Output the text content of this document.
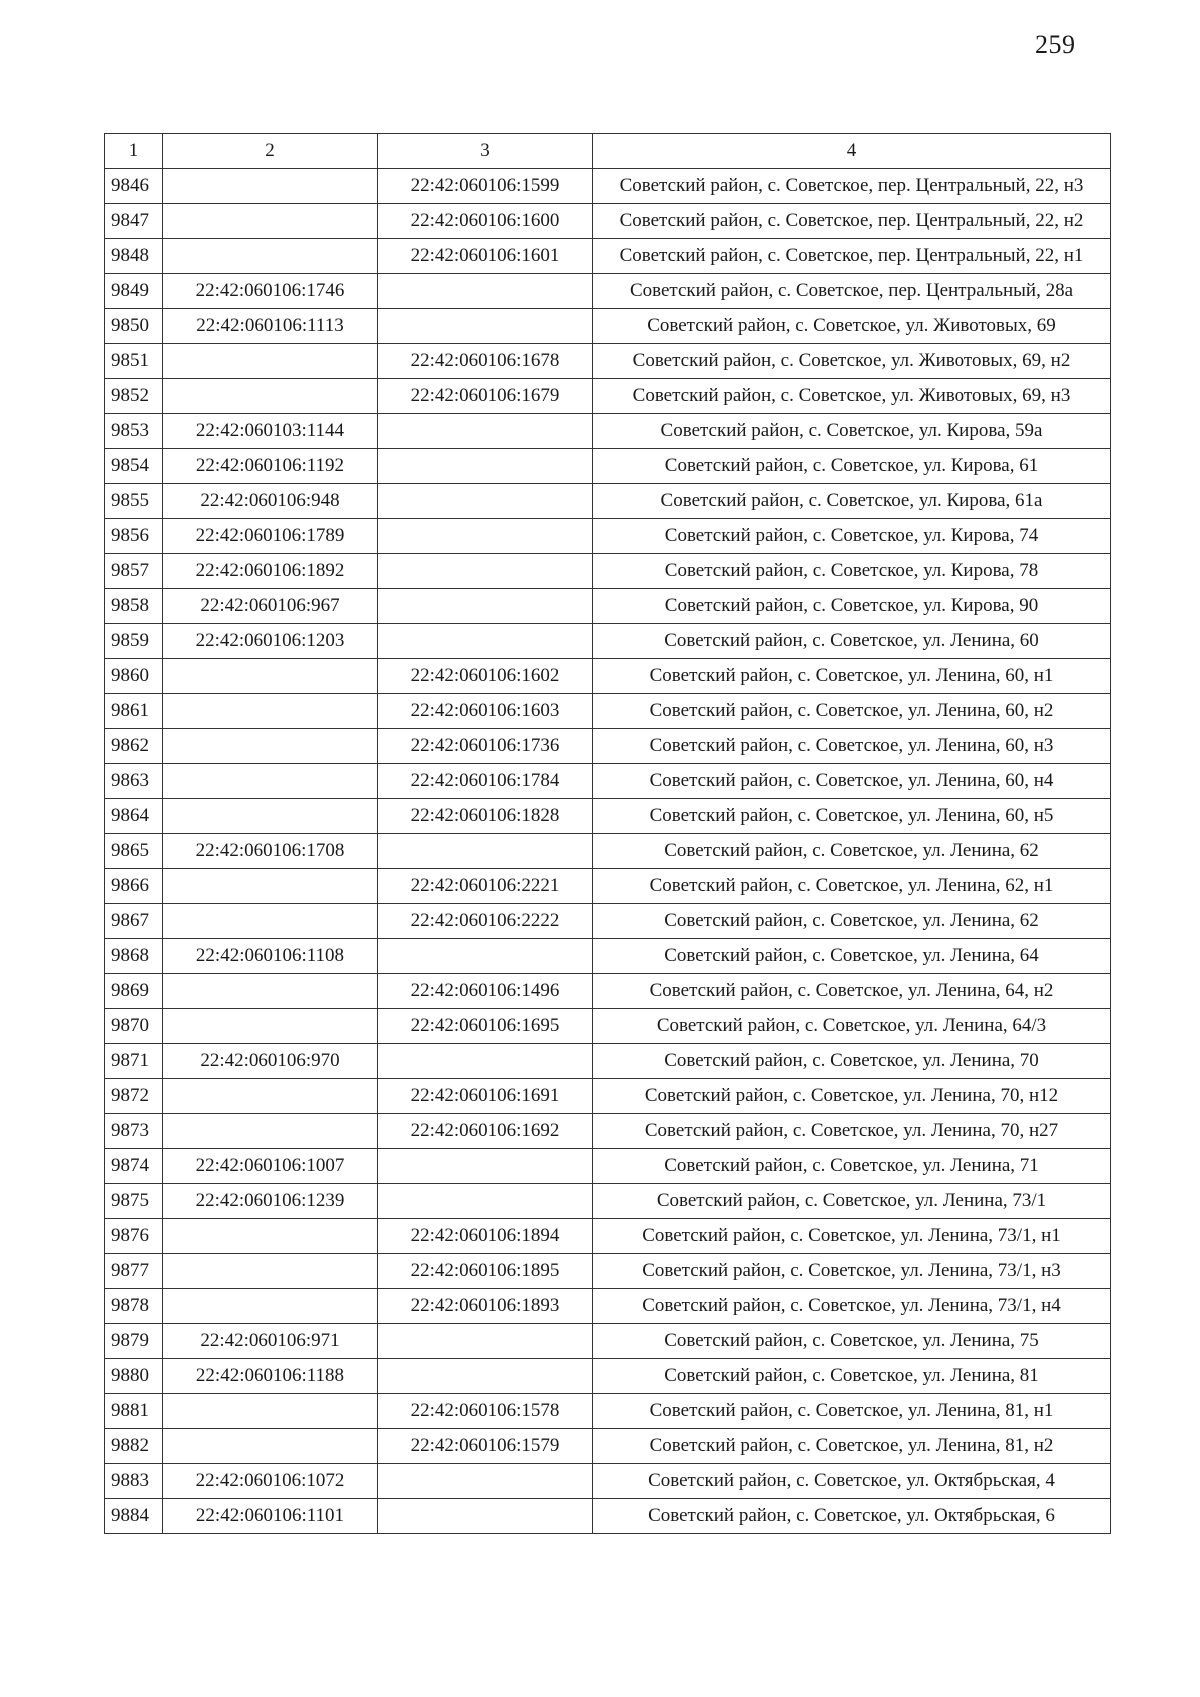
259
1	2	3	4
9846		22:42:060106:1599	Советский район, с. Советское, пер. Центральный, 22, н3
9847		22:42:060106:1600	Советский район, с. Советское, пер. Центральный, 22, н2
9848		22:42:060106:1601	Советский район, с. Советское, пер. Центральный, 22, н1
9849	22:42:060106:1746		Советский район, с. Советское, пер. Центральный, 28а
9850	22:42:060106:1113		Советский район, с. Советское, ул. Животовых, 69
9851		22:42:060106:1678	Советский район, с. Советское, ул. Животовых, 69, н2
9852		22:42:060106:1679	Советский район, с. Советское, ул. Животовых, 69, н3
9853	22:42:060103:1144		Советский район, с. Советское, ул. Кирова, 59а
9854	22:42:060106:1192		Советский район, с. Советское, ул. Кирова, 61
9855	22:42:060106:948		Советский район, с. Советское, ул. Кирова, 61а
9856	22:42:060106:1789		Советский район, с. Советское, ул. Кирова, 74
9857	22:42:060106:1892		Советский район, с. Советское, ул. Кирова, 78
9858	22:42:060106:967		Советский район, с. Советское, ул. Кирова, 90
9859	22:42:060106:1203		Советский район, с. Советское, ул. Ленина, 60
9860		22:42:060106:1602	Советский район, с. Советское, ул. Ленина, 60, н1
9861		22:42:060106:1603	Советский район, с. Советское, ул. Ленина, 60, н2
9862		22:42:060106:1736	Советский район, с. Советское, ул. Ленина, 60, н3
9863		22:42:060106:1784	Советский район, с. Советское, ул. Ленина, 60, н4
9864		22:42:060106:1828	Советский район, с. Советское, ул. Ленина, 60, н5
9865	22:42:060106:1708		Советский район, с. Советское, ул. Ленина, 62
9866		22:42:060106:2221	Советский район, с. Советское, ул. Ленина, 62, н1
9867		22:42:060106:2222	Советский район, с. Советское, ул. Ленина, 62
9868	22:42:060106:1108		Советский район, с. Советское, ул. Ленина, 64
9869		22:42:060106:1496	Советский район, с. Советское, ул. Ленина, 64, н2
9870		22:42:060106:1695	Советский район, с. Советское, ул. Ленина, 64/3
9871	22:42:060106:970		Советский район, с. Советское, ул. Ленина, 70
9872		22:42:060106:1691	Советский район, с. Советское, ул. Ленина, 70, н12
9873		22:42:060106:1692	Советский район, с. Советское, ул. Ленина, 70, н27
9874	22:42:060106:1007		Советский район, с. Советское, ул. Ленина, 71
9875	22:42:060106:1239		Советский район, с. Советское, ул. Ленина, 73/1
9876		22:42:060106:1894	Советский район, с. Советское, ул. Ленина, 73/1, н1
9877		22:42:060106:1895	Советский район, с. Советское, ул. Ленина, 73/1, н3
9878		22:42:060106:1893	Советский район, с. Советское, ул. Ленина, 73/1, н4
9879	22:42:060106:971		Советский район, с. Советское, ул. Ленина, 75
9880	22:42:060106:1188		Советский район, с. Советское, ул. Ленина, 81
9881		22:42:060106:1578	Советский район, с. Советское, ул. Ленина, 81, н1
9882		22:42:060106:1579	Советский район, с. Советское, ул. Ленина, 81, н2
9883	22:42:060106:1072		Советский район, с. Советское, ул. Октябрьская, 4
9884	22:42:060106:1101		Советский район, с. Советское, ул. Октябрьская, 6
